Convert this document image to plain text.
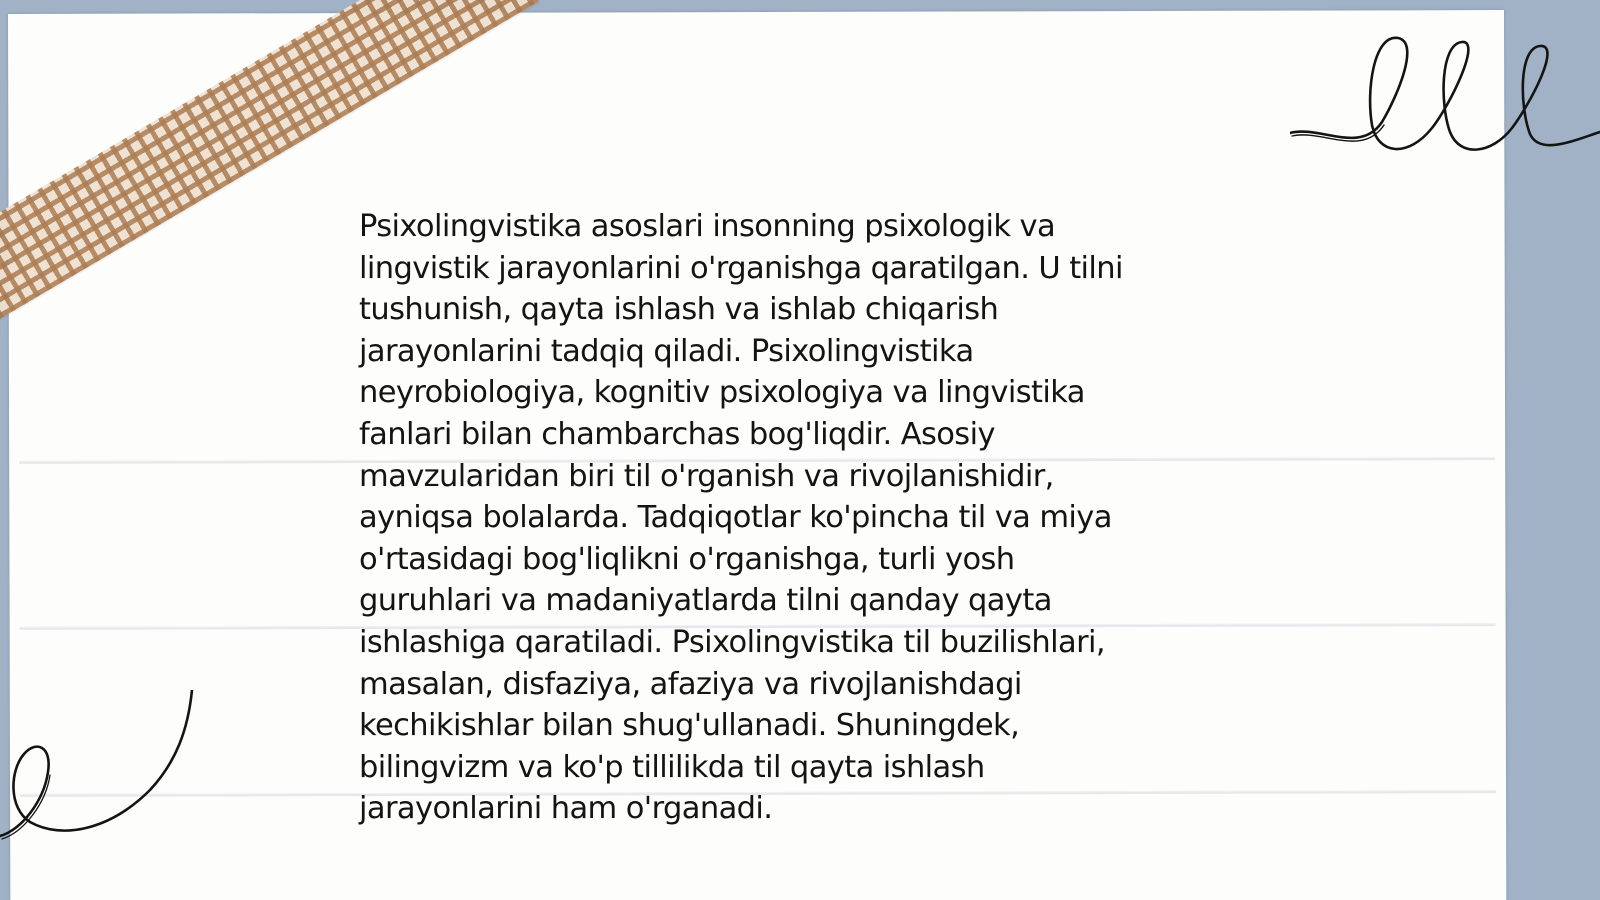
Psixolingvistika asoslari insonning psixologik va
lingvistik jarayonlarini o'rganishga qaratilgan. U tilni
tushunish, qayta ishlash va ishlab chiqarish
jarayonlarini tadqiq qiladi. Psixolingvistika
neyrobiologiya, kognitiv psixologiya va lingvistika
fanlari bilan chambarchas bog'liqdir. Asosiy
mavzularidan biri til o'rganish va rivojlanishidir,
ayniqsa bolalarda. Tadqiqotlar ko'pincha til va miya
o'rtasidagi bog'liqlikni o'rganishga, turli yosh
guruhlari va madaniyatlarda tilni qanday qayta
ishlashiga qaratiladi. Psixolingvistika til buzilishlari,
masalan, disfaziya, afaziya va rivojlanishdagi
kechikishlar bilan shug'ullanadi. Shuningdek,
bilingvizm va ko'p tillilikda til qayta ishlash
jarayonlarini ham o'rganadi.
